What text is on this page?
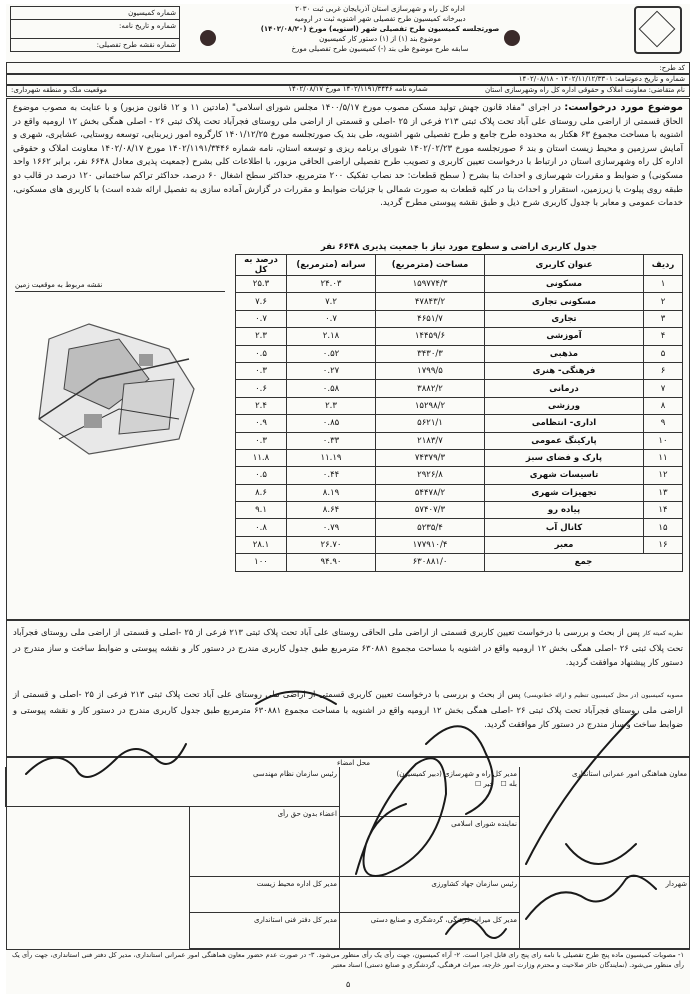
اداره کل راه و شهرسازی استان آذربایجان غربی ثبت ۲۰۳۰
دبیرخانه کمیسیون طرح تفصیلی شهر اشنویه ثبت در ارومیه
صورتجلسه کمیسیون طرح تفصیلی شهر (اسنویه) مورخ (۱۴۰۲/۰۸/۲۰)
موضوع بند (۱) از (۱) دستور کار کمیسیون
سابقه طرح موضوع طی بند (-) کمیسیون طرح تفصیلی مورخ
شماره کمیسیون
شماره و تاریخ نامه:
شماره نقشه طرح تفصیلی:
کد طرح:
شماره و تاریخ دعوتنامه: ۱۴۰۲/۱۱/۱۲/۳۳۰۱ - ۱۴۰۲/۰۸/۱۸
نام متقاضی: معاونت املاک و حقوقی اداره کل راه وشهرسازی استان
موقعیت ملک و منطقه شهرداری:	شماره نامه ۱۴۰۲/۱۱۹۱/۳۴۴۶ مورخ ۱۴۰۲/۰۸/۱۷
موضوع مورد درخواست: در اجرای "مفاد قانون جهش تولید مسکن مصوب مورخ ۱۴۰۰/۵/۱۷ مجلس شورای اسلامی" (مادتین ۱۱ و ۱۲ قانون مزبور) و با عنایت به مصوب موضوع الحاق قسمتی از اراضی ملی روستای علی آباد تحت پلاک ثبتی ۲۱۳ فرعی از ۲۵ -اصلی و قسمتی از اراضی ملی روستای فجرآباد تحت پلاک ثبتی ۲۶ - اصلی همگی بخش ۱۲ ارومیه واقع در اشنویه با مساحت مجموع ۶۳ هکتار به محدوده طرح جامع و طرح تفصیلی شهر اشنویه، طی بند یک صورتجلسه مورخ ۱۴۰۱/۱۲/۲۵ کارگروه امور زیربنایی، توسعه روستایی، عشایری، شهری و آمایش سرزمین و محیط زیست استان و بند ۶ صورتجلسه مورخ ۱۴۰۲/۰۲/۲۳ شورای برنامه ریزی و توسعه استان، نامه شماره ۱۴۰۲/۱۱۹۱/۳۴۴۶ مورخ ۱۴۰۲/۰۸/۱۷ معاونت املاک و حقوقی اداره کل راه وشهرسازی استان در ارتباط با درخواست تعیین کاربری و تصویب طرح تفصیلی اراضی الحاقی مزبور، با اطلاعات کلی بشرح (جمعیت پذیری معادل ۶۶۴۸ نفر، برابر ۱۶۶۲ واحد مسکونی) و ضوابط و مقررات شهرسازی و احداث بنا بشرح ( سطح قطعات: حد نصاب تفکیک ۲۰۰ مترمربع، حداکثر سطح اشغال ۶۰ درصد، حداکثر تراکم ساختمانی ۱۲۰ درصد در قالب دو طبقه روی پیلوت یا زیرزمین، استقرار و احداث بنا در کلیه قطعات به صورت شمالی با جزئیات ضوابط و مقررات در گزارش آماده سازی به تفصیل ارائه شده است) با کاربری های مسکونی، خدمات عمومی و معابر با جدول کاربری شرح ذیل و طبق نقشه پیوستی مطرح گردید.
نقشه مربوط به موقعیت زمین
جدول کاربری اراضی و سطوح مورد نیاز با جمعیت پذیری ۶۶۴۸ نفر
ردیف	عنوان کاربری	مساحت (مترمربع)	سرانه (مترمربع)	درصد به کل
۱	مسکونی	۱۵۹۷۷۴/۳	۲۴.۰۳	۲۵.۳
۲	مسکونی تجاری	۴۷۸۴۳/۲	۷.۲	۷.۶
۳	تجاری	۴۶۵۱/۷	۰.۷	۰.۷
۴	آموزشی	۱۴۴۵۹/۶	۲.۱۸	۲.۳
۵	مذهبی	۳۴۳۰/۳	۰.۵۲	۰.۵
۶	فرهنگی- هنری	۱۷۹۹/۵	۰.۲۷	۰.۳
۷	درمانی	۳۸۸۲/۲	۰.۵۸	۰.۶
۸	ورزشی	۱۵۲۹۸/۲	۲.۳	۲.۴
۹	اداری- انتظامی	۵۶۲۱/۱	۰.۸۵	۰.۹
۱۰	پارکینگ عمومی	۲۱۸۳/۷	۰.۳۳	۰.۳
۱۱	پارک و فضای سبز	۷۴۳۷۹/۳	۱۱.۱۹	۱۱.۸
۱۲	تاسیسات شهری	۲۹۲۶/۸	۰.۴۴	۰.۵
۱۳	تجهیزات شهری	۵۴۴۷۸/۲	۸.۱۹	۸.۶
۱۴	پیاده رو	۵۷۴۰۷/۳	۸.۶۴	۹.۱
۱۵	کانال آب	۵۲۳۵/۴	۰.۷۹	۰.۸
۱۶	معبر	۱۷۷۹۱۰/۴	۲۶.۷۰	۲۸.۱
جمع		۶۳۰۸۸۱/۰	۹۴.۹۰	۱۰۰
نظریه کمیته کار پس از بحث و بررسی با درخواست تعیین کاربری قسمتی از اراضی ملی الحاقی روستای علی آباد تحت پلاک ثبتی ۲۱۳ فرعی از ۲۵ -اصلی و قسمتی از اراضی ملی روستای فجرآباد تحت پلاک ثبتی ۲۶ -اصلی همگی بخش ۱۲ ارومیه واقع در اشنویه با مساحت مجموع ۶۳۰۸۸۱ مترمربع طبق جدول کاربری مندرج در دستور کار و نقشه پیوستی و ضوابط ساخت و ساز مندرج در دستور کار پیشنهاد موافقت گردید.
مصوبه کمیسیون (در محل کمیسیون تنظیم و ارائه خط‌نویسی) پس از بحث و بررسی با درخواست تعیین کاربری قسمتی از اراضی ملی روستای علی آباد تحت پلاک ثبتی ۲۱۳ فرعی از ۲۵ -اصلی و قسمتی از اراضی ملی روستای فجرآباد تحت پلاک ثبتی ۲۶ -اصلی همگی بخش ۱۲ ارومیه واقع در اشنویه با مساحت مجموع ۶۳۰۸۸۱ مترمربع طبق جدول کاربری مندرج در دستور کار و نقشه پیوستی و ضوابط ساخت و ساز مندرج در دستور کار موافقت گردید.
محل امضاء
معاون هماهنگی امور عمرانی استانداری
مدیر کل راه و شهرسازی (دبیر کمیسیون)
بله ☐   خیر ☐
نماینده شورای اسلامی
رئیس سازمان نظام مهندسی
اعضاء بدون حق رأی
شهردار
رئیس سازمان جهاد کشاورزی
مدیر کل میراث فرهنگی، گردشگری و صنایع دستی
مدیر کل اداره محیط زیست
مدیر کل دفتر فنی استانداری
۱- مصوبات کمیسیون ماده پنج طرح تفصیلی با نامه رای پنج رای قابل اجرا است. ۲- آراء کمیسیون، جهت رأی یک رأی منظور می‌شود. ۳- در صورت عدم حضور معاون هماهنگی امور عمرانی استانداری، مدیر کل دفتر فنی استانداری، جهت رأی یک رأی منظور می‌شود. (نمایندگان حائز صلاحیت و محترم وزارت امور خارجه، میراث فرهنگی، گردشگری و صنایع دستی) اسناد معتبر
۵
